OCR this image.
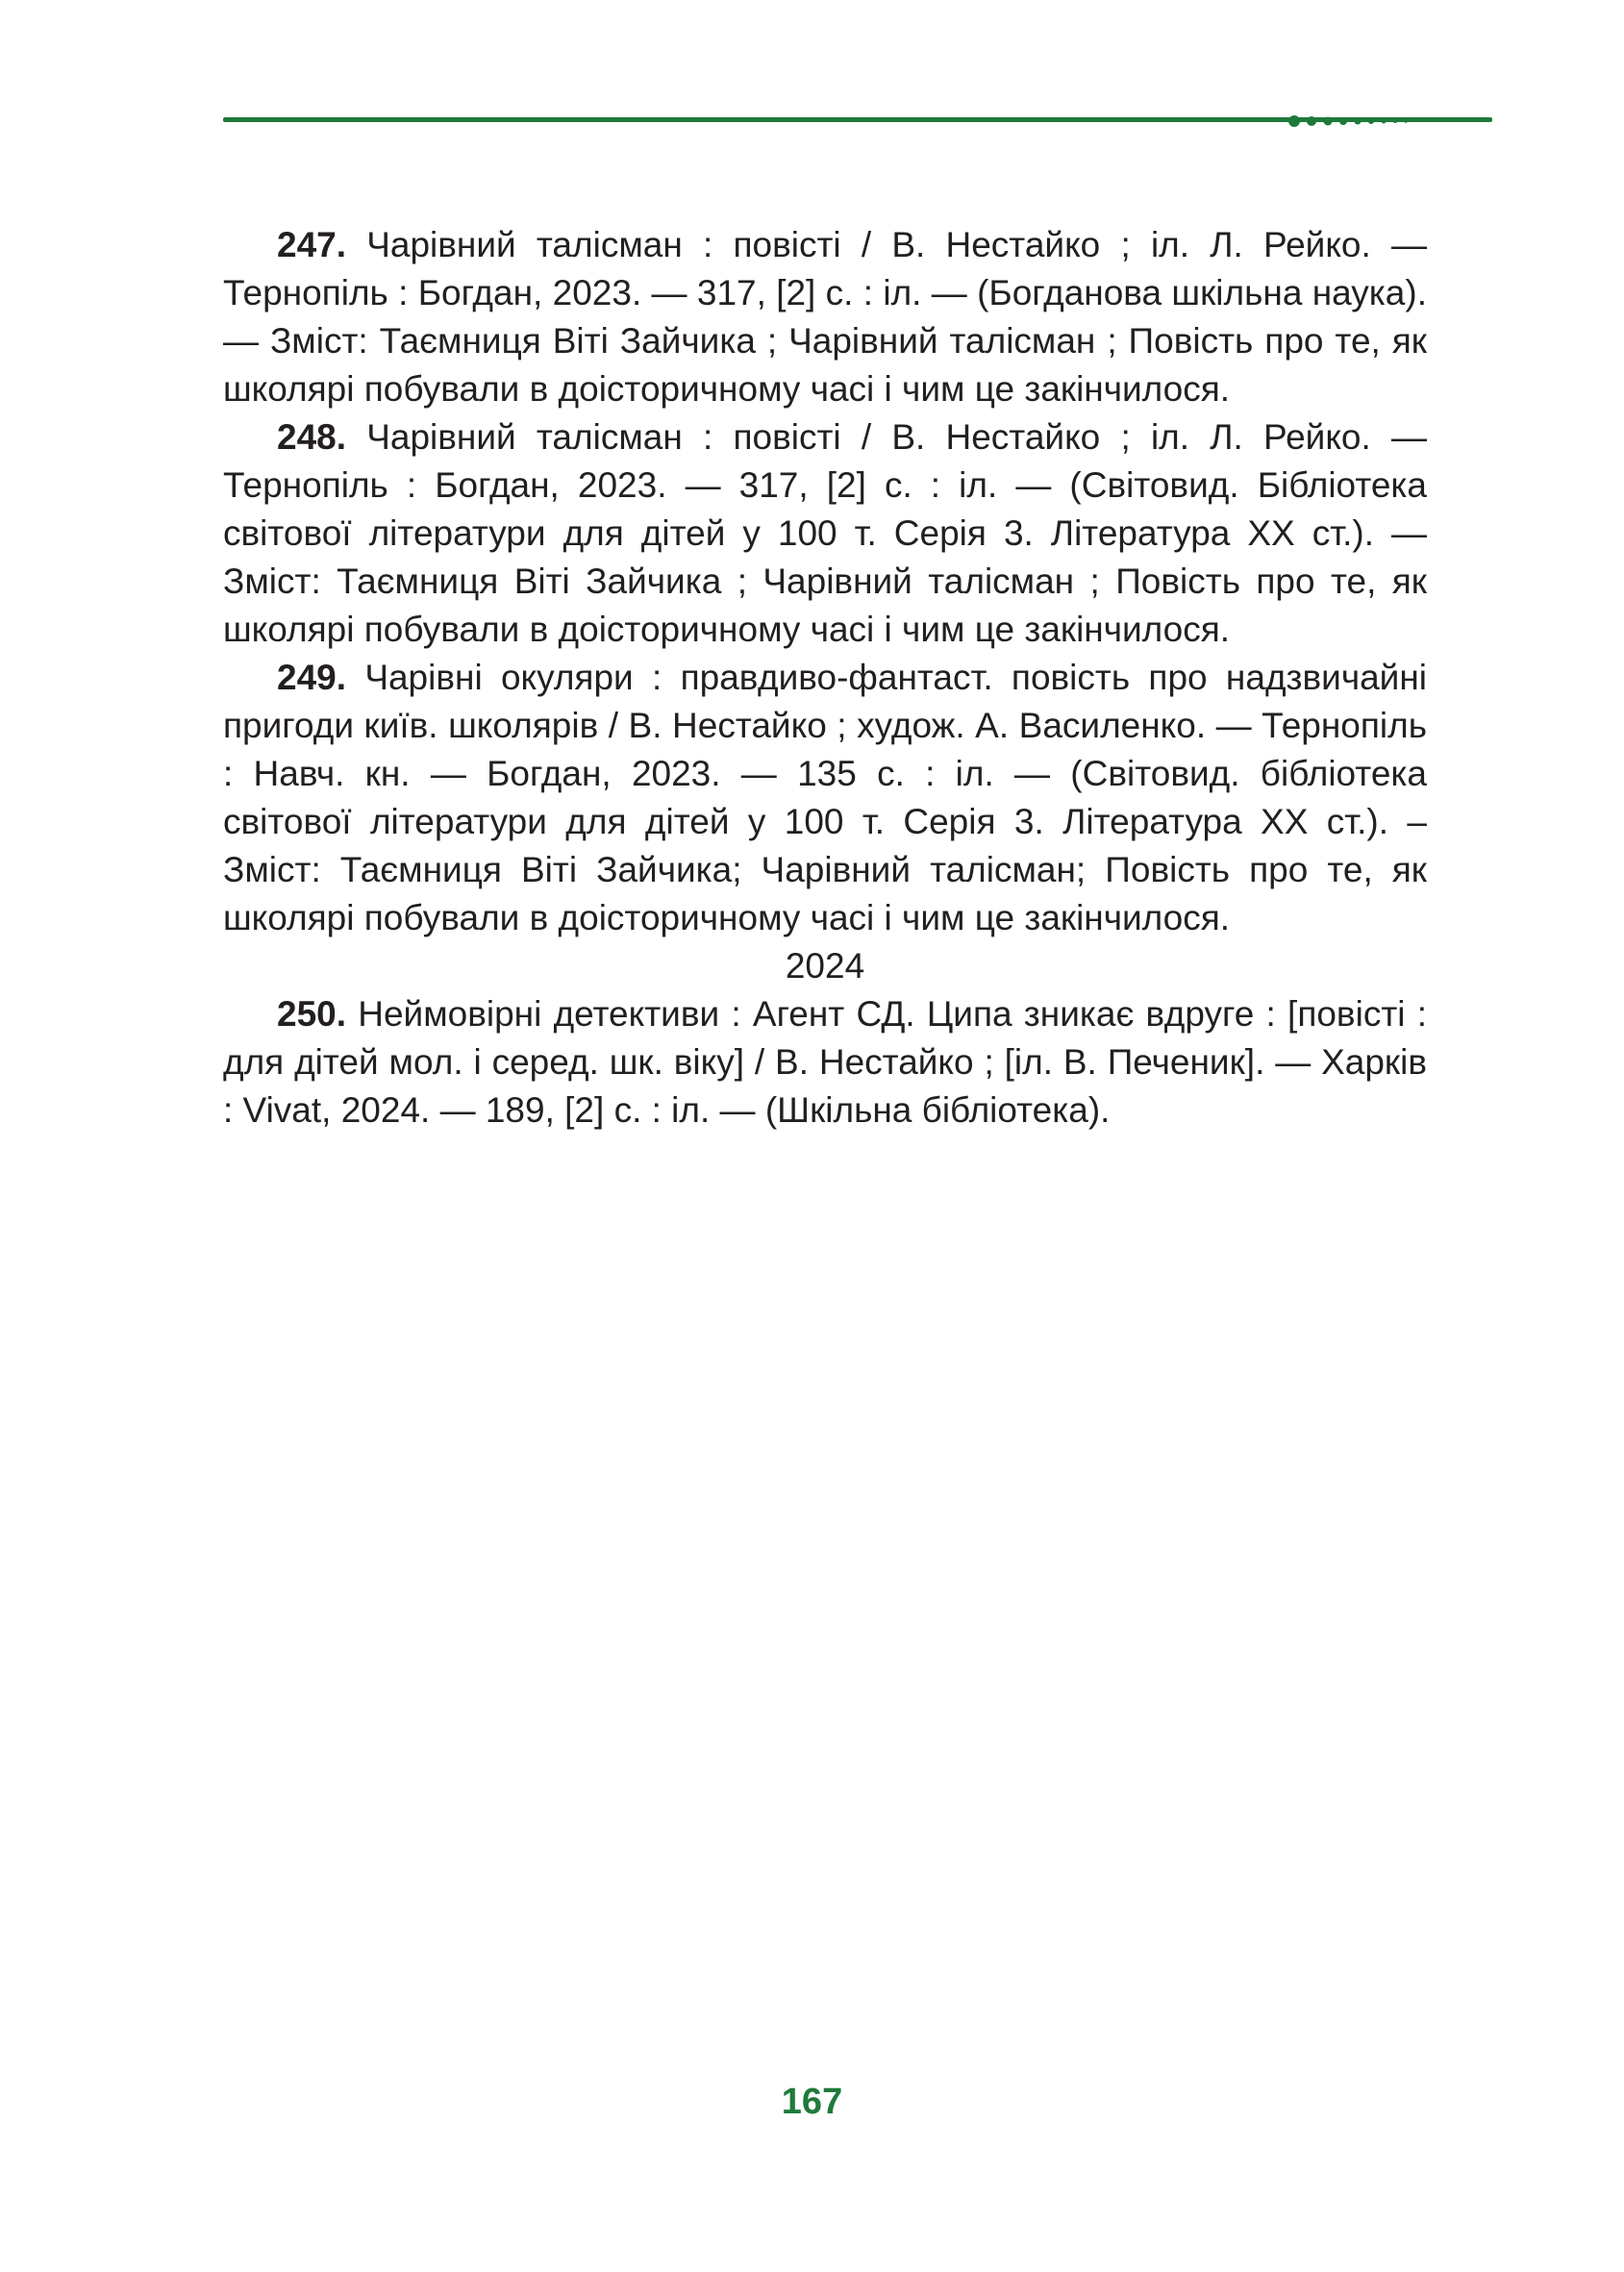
247. Чарівний талісман : повісті / В. Нестайко ; іл. Л. Рейко. — Тернопіль : Богдан, 2023. — 317, [2] с. : іл. — (Богданова шкільна наука). — Зміст: Таємниця Віті Зайчика ; Чарівний талісман ; Повість про те, як школярі побували в доісторичному часі і чим це закінчилося.

248. Чарівний талісман : повісті / В. Нестайко ; іл. Л. Рейко. — Тернопіль : Богдан, 2023. — 317, [2] с. : іл. — (Світовид. Бібліотека світової літератури для дітей у 100 т. Серія 3. Література ХХ ст.). — Зміст: Таємниця Віті Зайчика ; Чарівний талісман ; Повість про те, як школярі побували в доісторичному часі і чим це закінчилося.

249. Чарівні окуляри : правдиво-фантаст. повість про надзвичайні пригоди київ. школярів / В. Нестайко ; худож. А. Василенко. — Тернопіль : Навч. кн. — Богдан, 2023. — 135 с. : іл. — (Світовид. бібліотека світової літератури для дітей у 100 т. Серія 3. Література ХХ ст.). – Зміст: Таємниця Віті Зайчика; Чарівний талісман; Повість про те, як школярі побували в доісторичному часі і чим це закінчилося.

2024

250. Неймовірні детективи : Агент СД. Ципа зникає вдруге : [повісті : для дітей мол. і серед. шк. віку] / В. Нестайко ; [іл. В. Печеник]. — Харків : Vivat, 2024. — 189, [2] с. : іл. — (Шкільна бібліотека).

167
